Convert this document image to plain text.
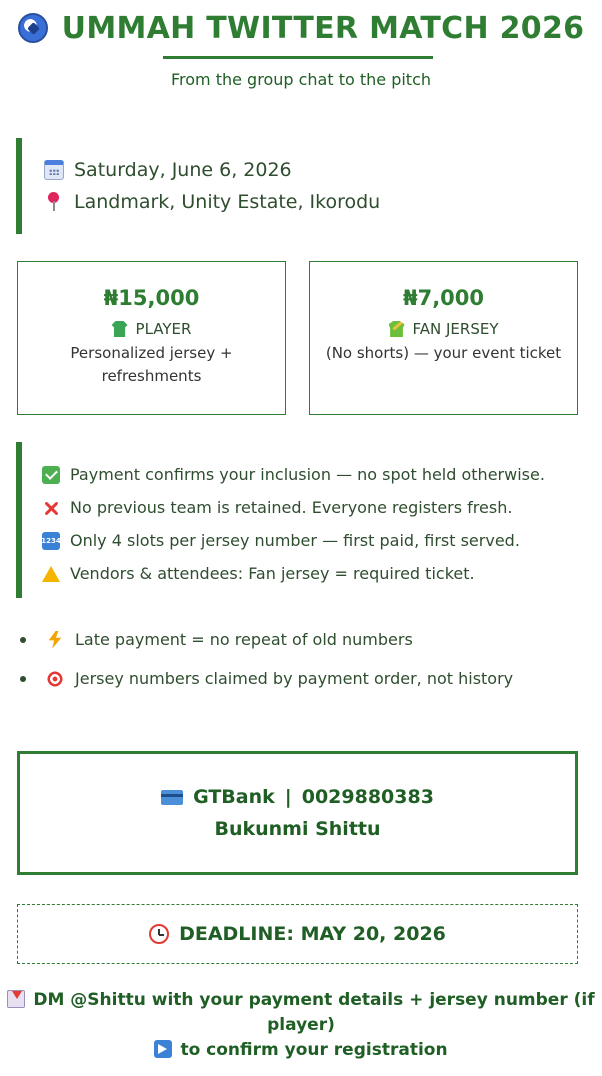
UMMAH TWITTER MATCH 2026
From the group chat to the pitch
Saturday, June 6, 2026
Landmark, Unity Estate, Ikorodu
₦15,000
PLAYER
Personalized jersey + refreshments
₦7,000
FAN JERSEY
(No shorts) — your event ticket
Payment confirms your inclusion — no spot held otherwise.
No previous team is retained. Everyone registers fresh.
1234 Only 4 slots per jersey number — first paid, first served.
Vendors & attendees: Fan jersey = required ticket.
Late payment = no repeat of old numbers
Jersey numbers claimed by payment order, not history
GTBank | 0029880383
Bukunmi Shittu
DEADLINE: MAY 20, 2026
DM @Shittu with your payment details + jersey number (if player)
to confirm your registration
